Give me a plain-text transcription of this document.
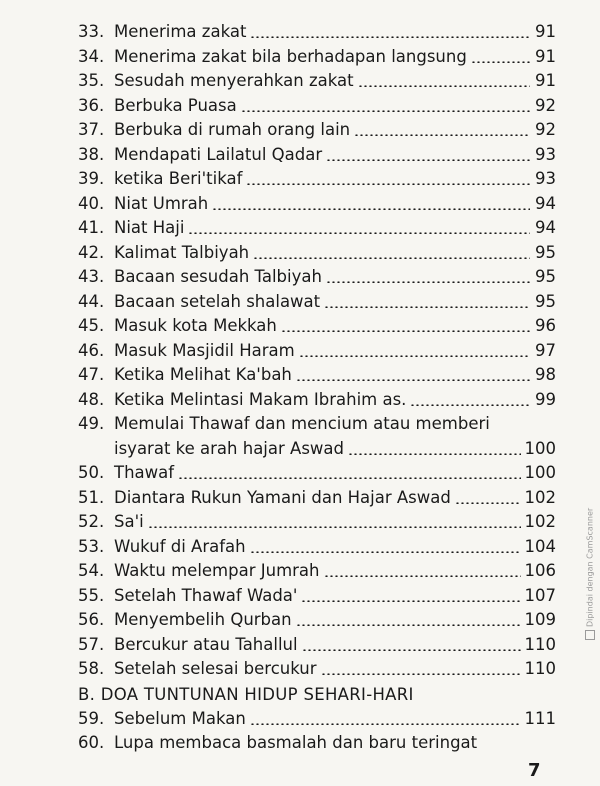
33. Menerima zakat	91
34. Menerima zakat bila berhadapan langsung	91
35. Sesudah menyerahkan zakat	91
36. Berbuka Puasa	92
37. Berbuka di rumah orang lain	92
38. Mendapati Lailatul Qadar	93
39. ketika Beri'tikaf	93
40. Niat Umrah	94
41. Niat Haji	94
42. Kalimat Talbiyah	95
43. Bacaan sesudah Talbiyah	95
44. Bacaan setelah shalawat	95
45. Masuk kota Mekkah	96
46. Masuk Masjidil Haram	97
47. Ketika Melihat Ka'bah	98
48. Ketika Melintasi Makam Ibrahim as.	99
49. Memulai Thawaf dan mencium atau memberi
isyarat ke arah hajar Aswad	100
50. Thawaf	100
51. Diantara Rukun Yamani dan Hajar Aswad	102
52. Sa'i	102
53. Wukuf di Arafah	104
54. Waktu melempar Jumrah	106
55. Setelah Thawaf Wada'	107
56. Menyembelih Qurban	109
57. Bercukur atau Tahallul	110
58. Setelah selesai bercukur	110
B. DOA TUNTUNAN HIDUP SEHARI-HARI
59. Sebelum Makan	111
60. Lupa membaca basmalah dan baru teringat
7
Dipindai dengan CamScanner
